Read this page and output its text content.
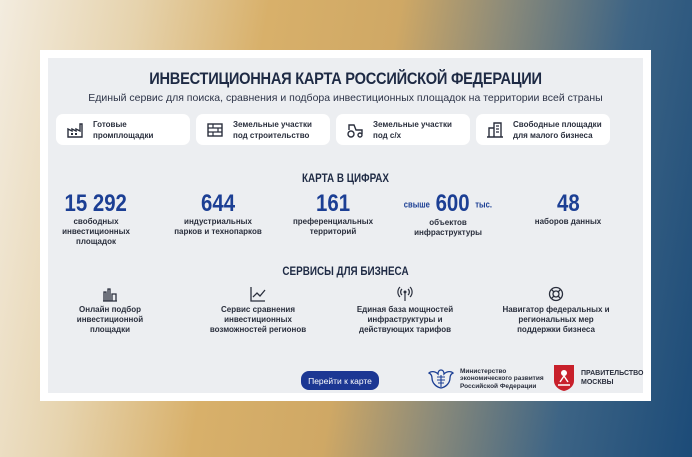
ИНВЕСТИЦИОННАЯ КАРТА РОССИЙСКОЙ ФЕДЕРАЦИИ
Единый сервис для поиска, сравнения и подбора инвестиционных площадок на территории всей страны
Готовые
промплощадки
Земельные участки
под строительство
Земельные участки
под с/х
Свободные площадки
для малого бизнеса
КАРТА В ЦИФРАХ
15 292
свободных
инвестиционных
площадок
644
индустриальных
парков и технопарков
161
преференциальных
территорий
свыше 600 тыс.
объектов
инфраструктуры
48
наборов данных
СЕРВИСЫ ДЛЯ БИЗНЕСА
Онлайн подбор
инвестиционной
площадки
Сервис сравнения
инвестиционных
возможностей регионов
Единая база мощностей
инфраструктуры и
действующих тарифов
Навигатор федеральных и
региональных мер
поддержки бизнеса
Перейти к карте
Министерство
экономического развития
Российской Федерации
ПРАВИТЕЛЬСТВО
МОСКВЫ
